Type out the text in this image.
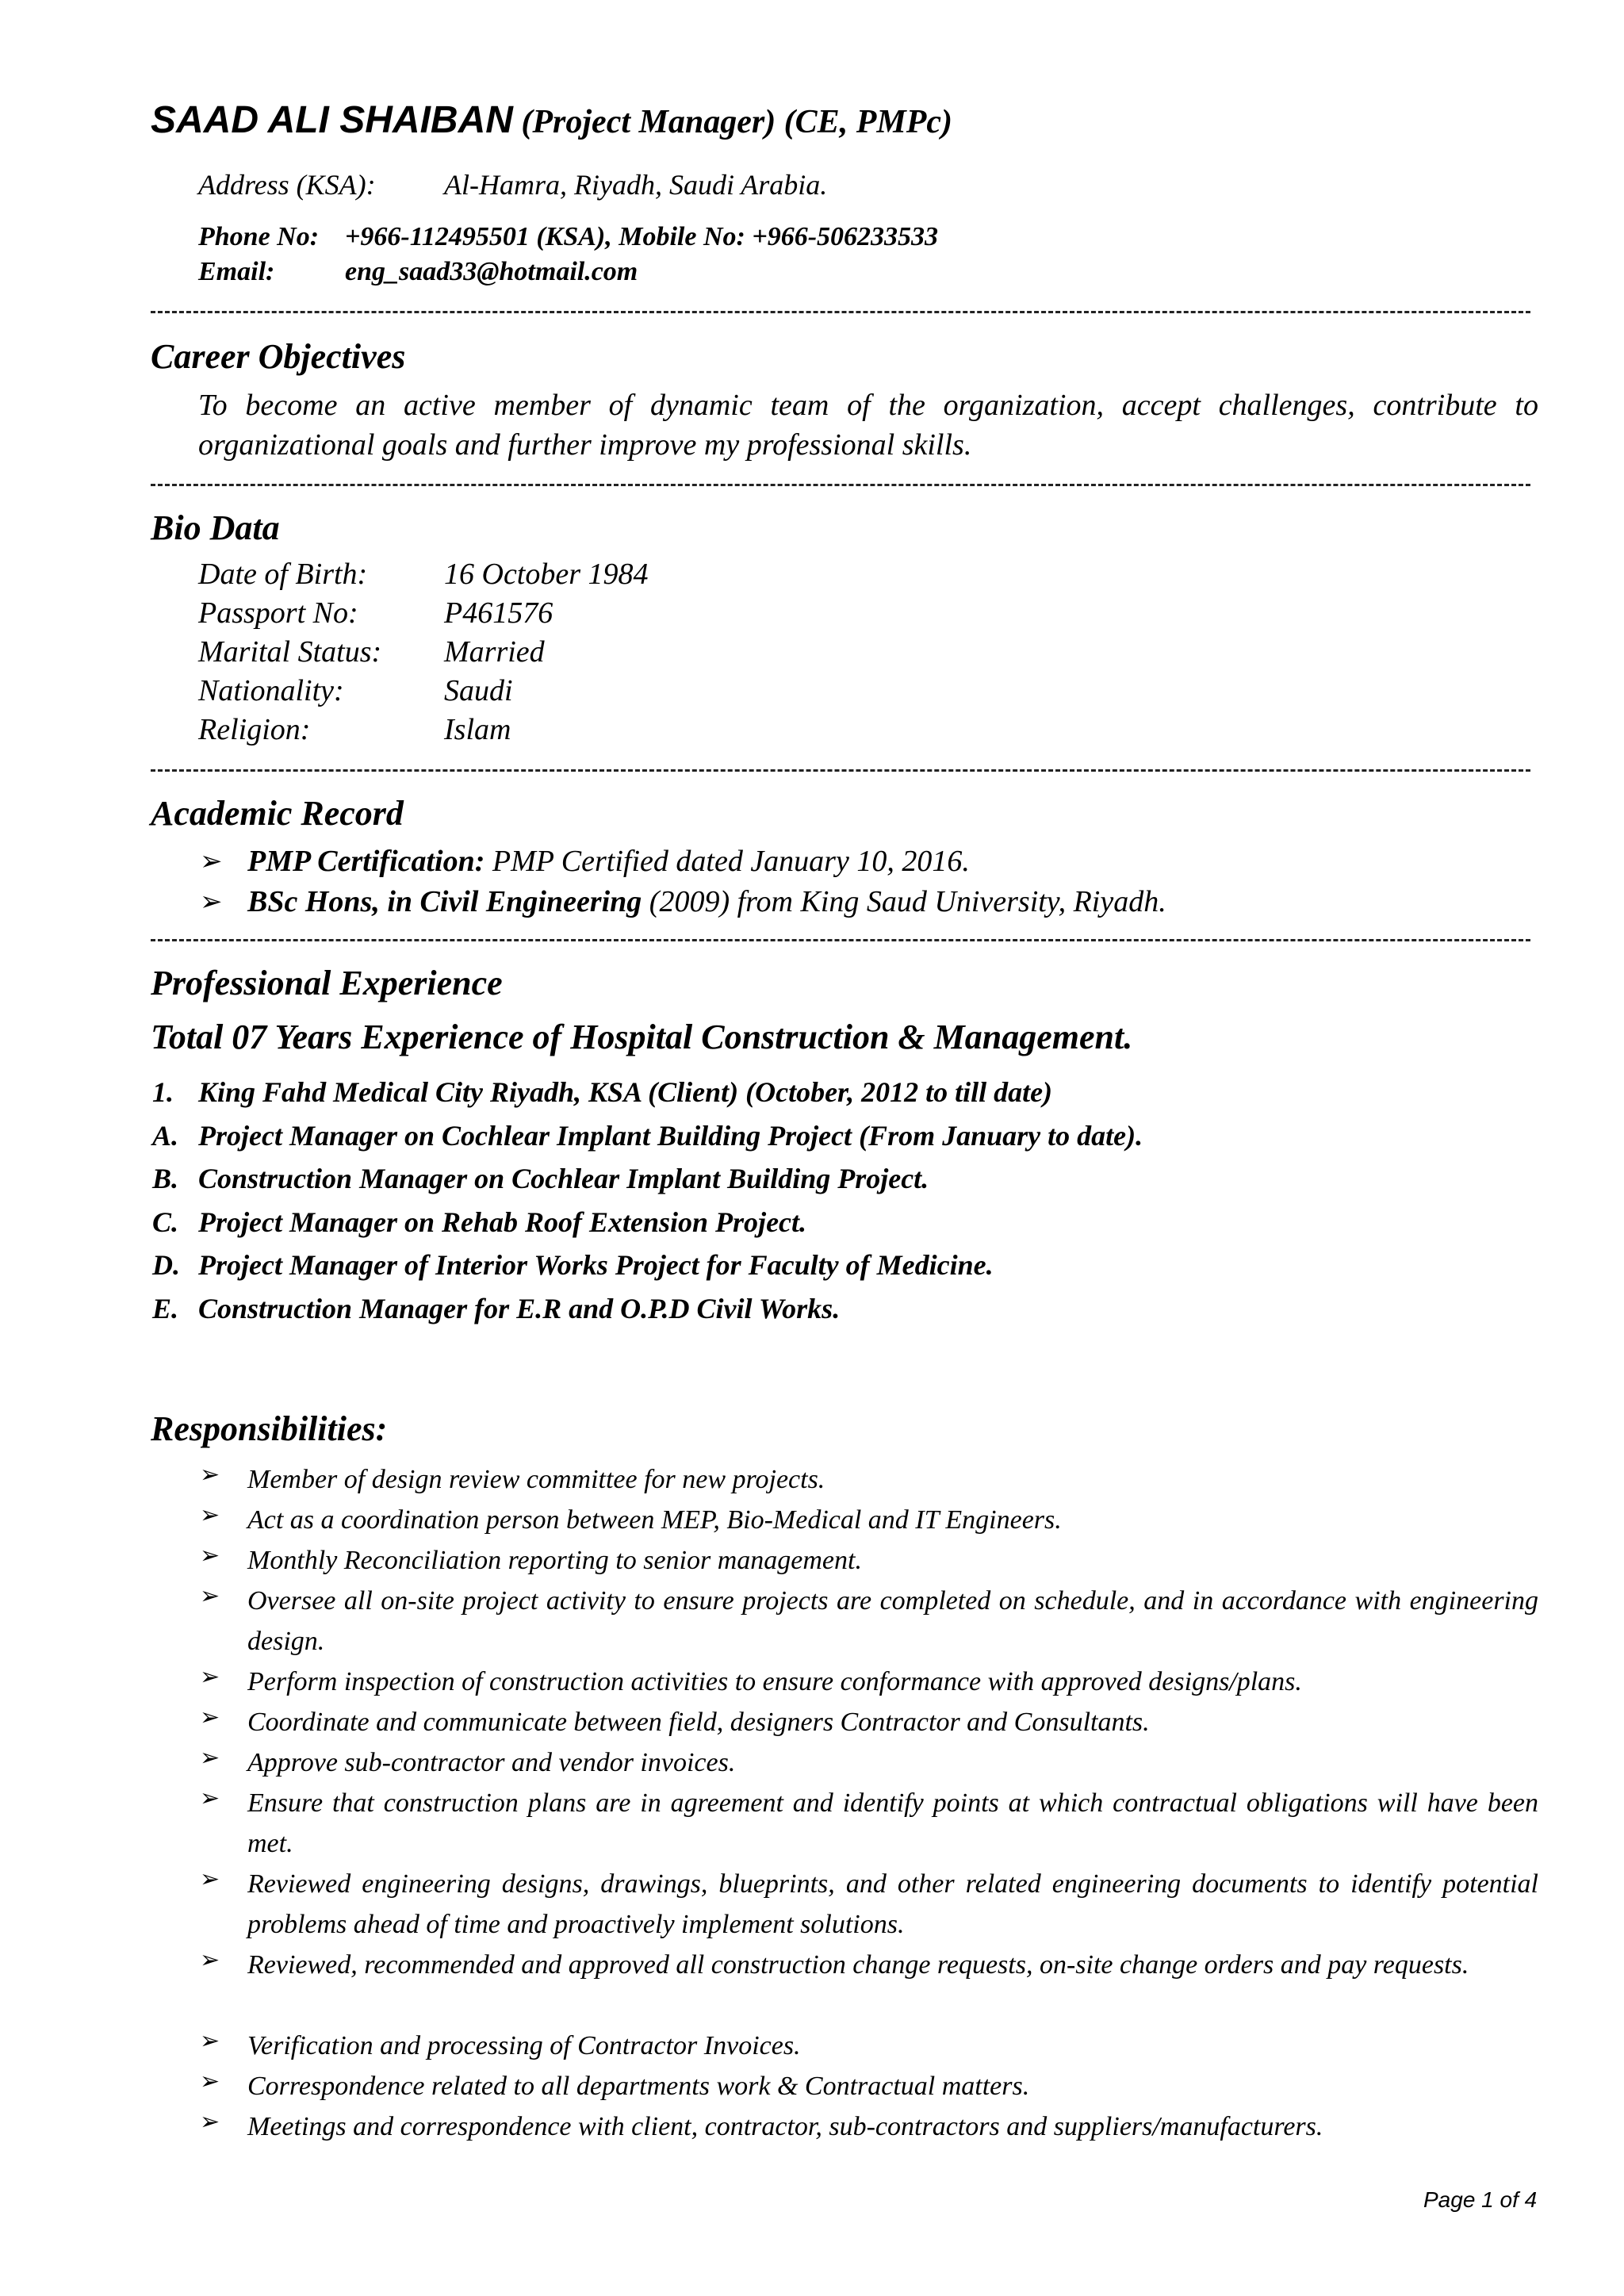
SAAD ALI SHAIBAN (Project Manager) (CE, PMPc)
Address (KSA): Al-Hamra, Riyadh, Saudi Arabia.
Phone No: +966-112495501 (KSA), Mobile No: +966-506233533
Email:	eng_saad33@hotmail.com
Career Objectives
To become an active member of dynamic team of the organization, accept challenges, contribute to organizational goals and further improve my professional skills.
Bio Data
Date of Birth:	16 October 1984
Passport No:	P461576
Marital Status: Married
Nationality:	Saudi
Religion:	Islam
Academic Record
➢ PMP Certification: PMP Certified dated January 10, 2016.
➢ BSc Hons, in Civil Engineering (2009) from King Saud University, Riyadh.
Professional Experience
Total 07 Years Experience of Hospital Construction & Management.
1. King Fahd Medical City Riyadh, KSA (Client) (October, 2012 to till date)
A. Project Manager on Cochlear Implant Building Project (From January to date).
B. Construction Manager on Cochlear Implant Building Project.
C. Project Manager on Rehab Roof Extension Project.
D. Project Manager of Interior Works Project for Faculty of Medicine.
E. Construction Manager for E.R and O.P.D Civil Works.
Responsibilities:
➢ Member of design review committee for new projects.
➢ Act as a coordination person between MEP, Bio-Medical and IT Engineers.
➢ Monthly Reconciliation reporting to senior management.
➢ Oversee all on-site project activity to ensure projects are completed on schedule, and in accordance with engineering design.
➢ Perform inspection of construction activities to ensure conformance with approved designs/plans.
➢ Coordinate and communicate between field, designers Contractor and Consultants.
➢ Approve sub-contractor and vendor invoices.
➢ Ensure that construction plans are in agreement and identify points at which contractual obligations will have been met.
➢ Reviewed engineering designs, drawings, blueprints, and other related engineering documents to identify potential problems ahead of time and proactively implement solutions.
➢ Reviewed, recommended and approved all construction change requests, on-site change orders and pay requests.
➢ Verification and processing of Contractor Invoices.
➢ Correspondence related to all departments work & Contractual matters.
➢ Meetings and correspondence with client, contractor, sub-contractors and suppliers/manufacturers.
Page 1 of 4
